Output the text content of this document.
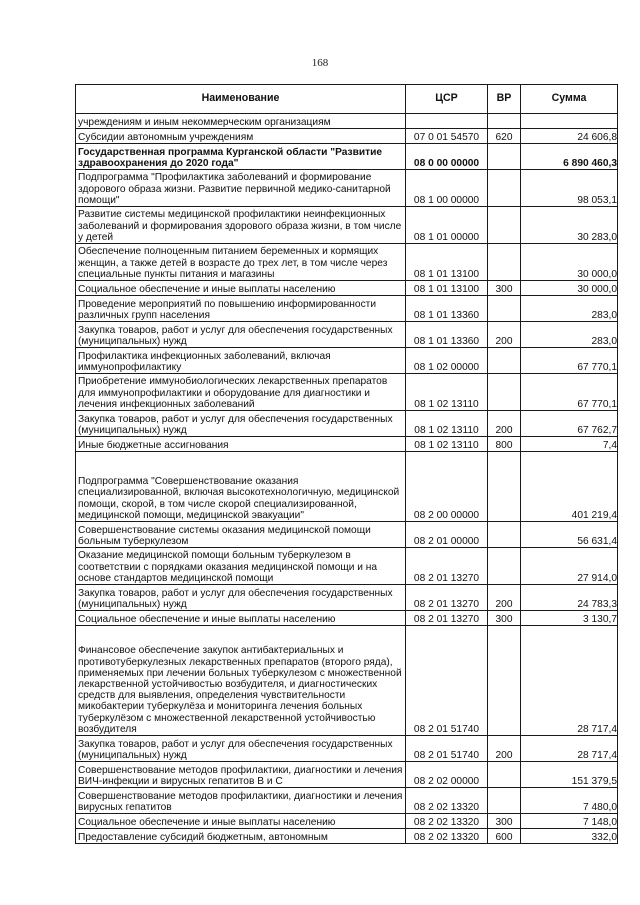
168
Наименование	ЦСР	ВР	Сумма
учреждениям и иным некоммерческим организациям			
Субсидии автономным учреждениям	07 0 01 54570	620	24 606,8
Государственная программа Курганской области "Развитие здравоохранения до 2020 года"	08 0 00 00000		6 890 460,3
Подпрограмма "Профилактика заболеваний и формирование здорового образа жизни. Развитие первичной медико-санитарной помощи"	08 1 00 00000		98 053,1
Развитие системы медицинской профилактики неинфекционных заболеваний и формирования здорового образа жизни, в том числе у детей	08 1 01 00000		30 283,0
Обеспечение полноценным питанием беременных и кормящих женщин, а также детей в возрасте до трех лет, в том числе через специальные пункты питания и магазины	08 1 01 13100		30 000,0
Социальное обеспечение и иные выплаты населению	08 1 01 13100	300	30 000,0
Проведение мероприятий по повышению информированности различных групп населения	08 1 01 13360		283,0
Закупка товаров, работ и услуг для обеспечения государственных (муниципальных) нужд	08 1 01 13360	200	283,0
Профилактика инфекционных заболеваний, включая иммунопрофилактику	08 1 02 00000		67 770,1
Приобретение иммунобиологических лекарственных препаратов для иммунопрофилактики и оборудование для диагностики и лечения инфекционных заболеваний	08 1 02 13110		67 770,1
Закупка товаров, работ и услуг для обеспечения государственных (муниципальных) нужд	08 1 02 13110	200	67 762,7
Иные бюджетные ассигнования	08 1 02 13110	800	7,4
Подпрограмма "Совершенствование оказания специализированной, включая высокотехнологичную, медицинской помощи, скорой, в том числе скорой специализированной, медицинской помощи, медицинской эвакуации"	08 2 00 00000		401 219,4
Совершенствование системы оказания медицинской помощи больным туберкулезом	08 2 01 00000		56 631,4
Оказание медицинской помощи больным туберкулезом в соответствии с порядками оказания медицинской помощи и на основе стандартов медицинской помощи	08 2 01 13270		27 914,0
Закупка товаров, работ и услуг для обеспечения государственных (муниципальных) нужд	08 2 01 13270	200	24 783,3
Социальное обеспечение и иные выплаты населению	08 2 01 13270	300	3 130,7
Финансовое обеспечение закупок антибактериальных и противотуберкулезных лекарственных препаратов (второго ряда), применяемых при лечении больных туберкулезом с множественной лекарственной устойчивостью возбудителя, и диагностических средств для выявления, определения чувствительности микобактерии туберкулёза и мониторинга лечения больных туберкулёзом с множественной лекарственной устойчивостью возбудителя	08 2 01 51740		28 717,4
Закупка товаров, работ и услуг для обеспечения государственных (муниципальных) нужд	08 2 01 51740	200	28 717,4
Совершенствование методов профилактики, диагностики и лечения ВИЧ-инфекции и вирусных гепатитов В и С	08 2 02 00000		151 379,5
Совершенствование методов профилактики, диагностики и лечения вирусных гепатитов	08 2 02 13320		7 480,0
Социальное обеспечение и иные выплаты населению	08 2 02 13320	300	7 148,0
Предоставление субсидий бюджетным, автономным	08 2 02 13320	600	332,0
